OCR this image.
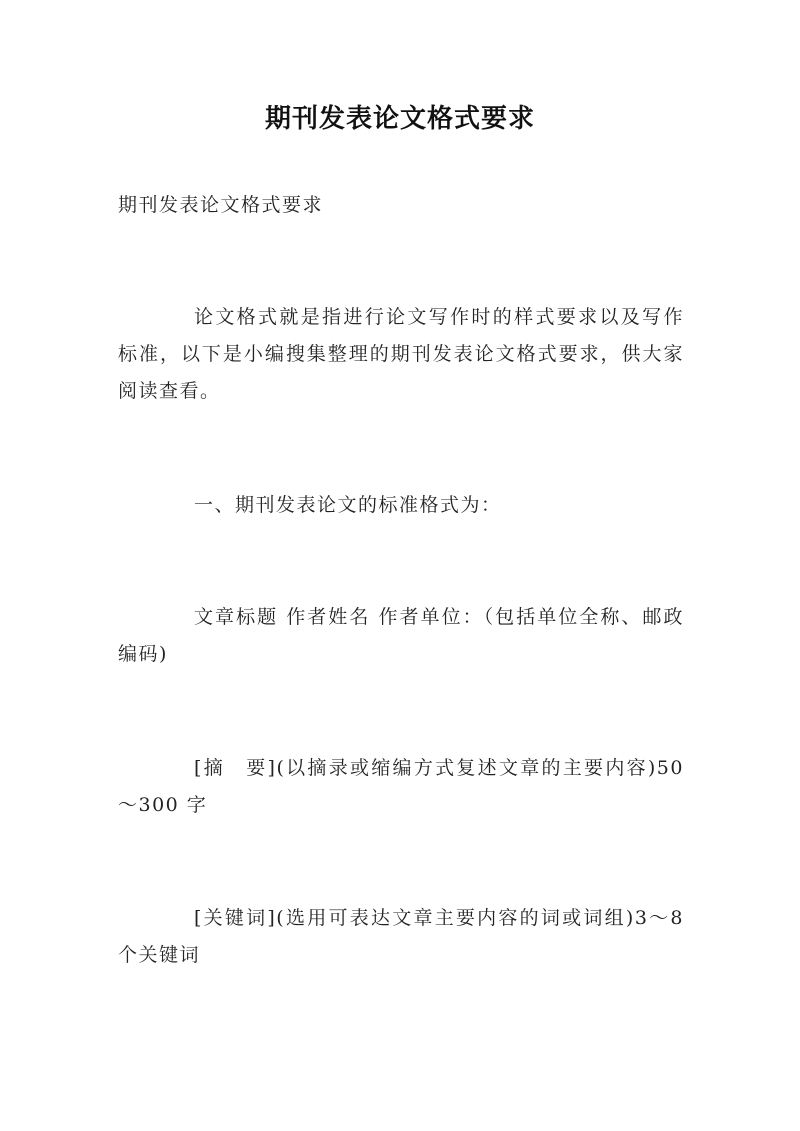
期刊发表论文格式要求
期刊发表论文格式要求
论文格式就是指进行论文写作时的样式要求以及写作标准，以下是小编搜集整理的期刊发表论文格式要求，供大家阅读查看。
一、期刊发表论文的标准格式为：
文章标题 作者姓名 作者单位：（包括单位全称、邮政编码)
[摘　要](以摘录或缩编方式复述文章的主要内容)50～300 字
[关键词](选用可表达文章主要内容的词或词组)3～8 个关键词
